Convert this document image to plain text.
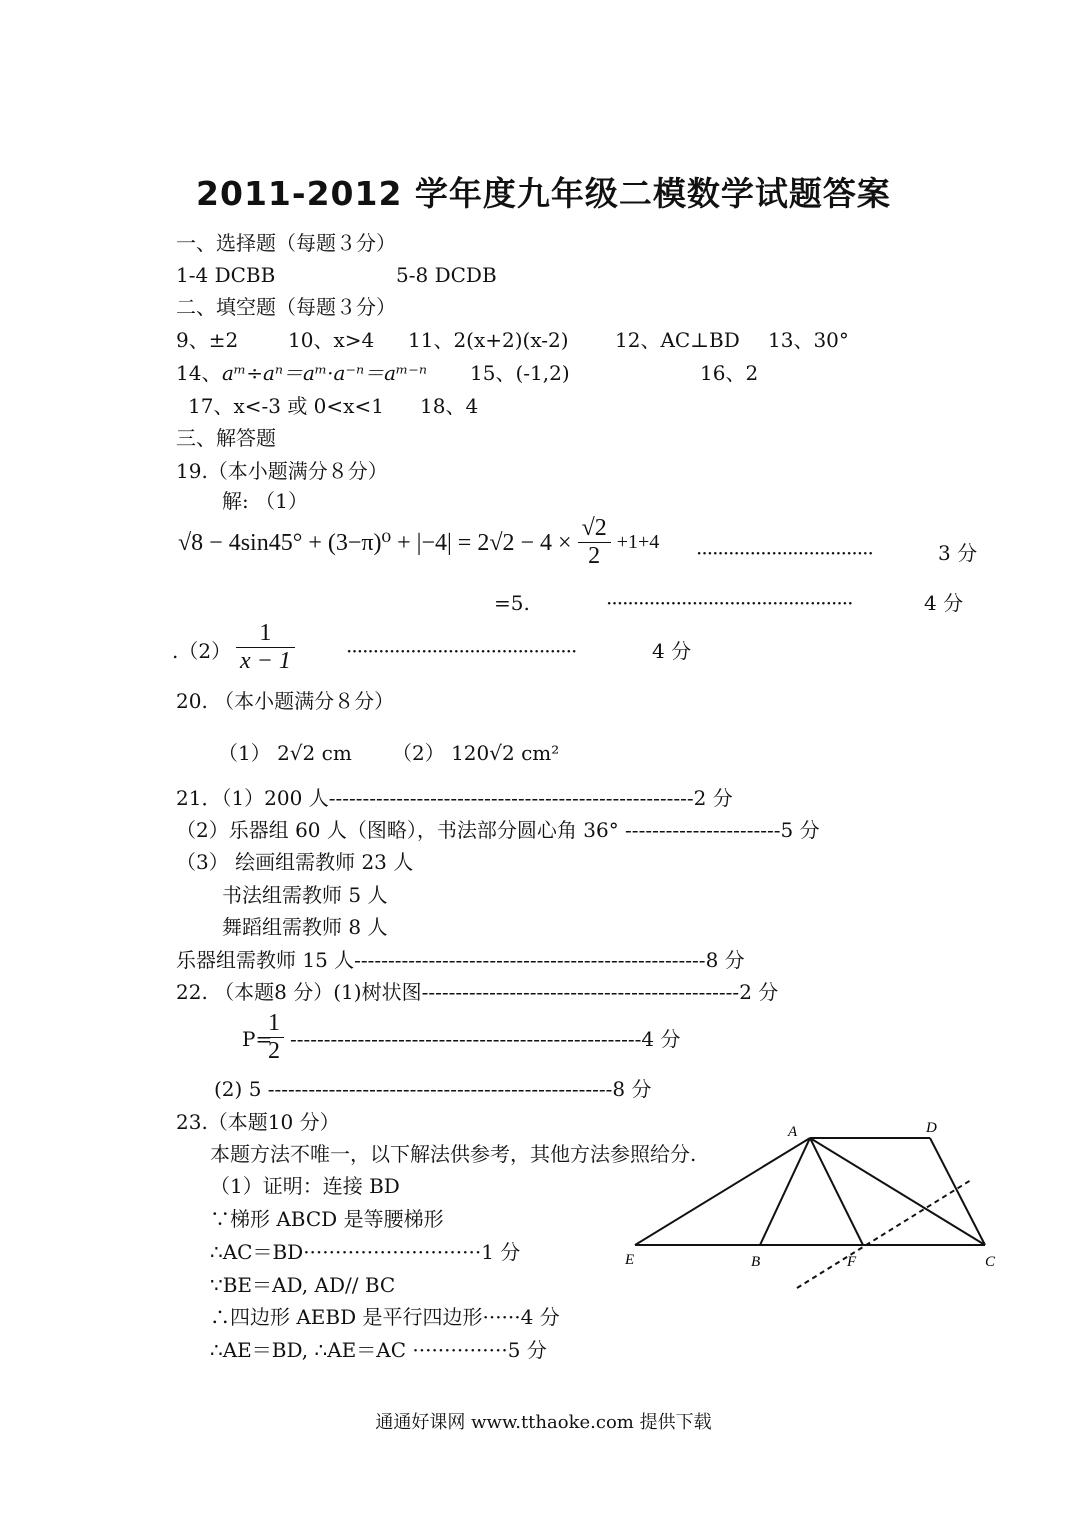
2011-2012 学年度九年级二模数学试题答案
一、选择题（每题３分）
1-4 DCBB	5-8 DCDB
二、填空题（每题３分）
9、±2 10、x>4 11、2(x+2)(x-2) 12、AC⊥BD 13、30°
14、 aᵐ÷aⁿ＝aᵐ·a⁻ⁿ＝aᵐ⁻ⁿ 15、(-1,2)	16、2
17、x<-3 或 0<x<1 18、4
三、解答题
19.（本小题满分８分）
解: （1）
$√8 - 4\sin 45^\circ + (3-\pi)^0 + |-4| = 2√2 - 4 \times \frac{√2}{2} +1+4$ ·································	3 分
=5.	··············································	4 分
$.(2) \frac{1}{x - 1}$	···········································	4 分
20. （本小题满分８分）
（1） 2√2 cm （2） 120√2 cm²
21．（1）200 人------------------------------------------------------2 分
（2）乐器组 60 人（图略），书法部分圆心角 36° -----------------------5 分
（3） 绘画组需教师 23 人
书法组需教师 5 人
舞蹈组需教师 8 人
乐器组需教师 15 人----------------------------------------------------8 分
22. （本题8 分）(1)树状图-----------------------------------------------2 分
P=
$\frac{1}{2} ----------------------------------------------------4$ 分
(2) 5 ---------------------------------------------------8 分
23.（本题10 分）
本题方法不唯一，以下解法供参考，其他方法参照给分.
（1）证明：连接 BD
∵梯形 ABCD 是等腰梯形
∴AC＝BD····························1 分
∵BE＝AD, AD// BC
∴四边形 AEBD 是平行四边形······4 分
∴AE＝BD, ∴AE＝AC ···············5 分
A	D
E	B	F	C
通通好课网 www.tthaoke.com 提供下载
